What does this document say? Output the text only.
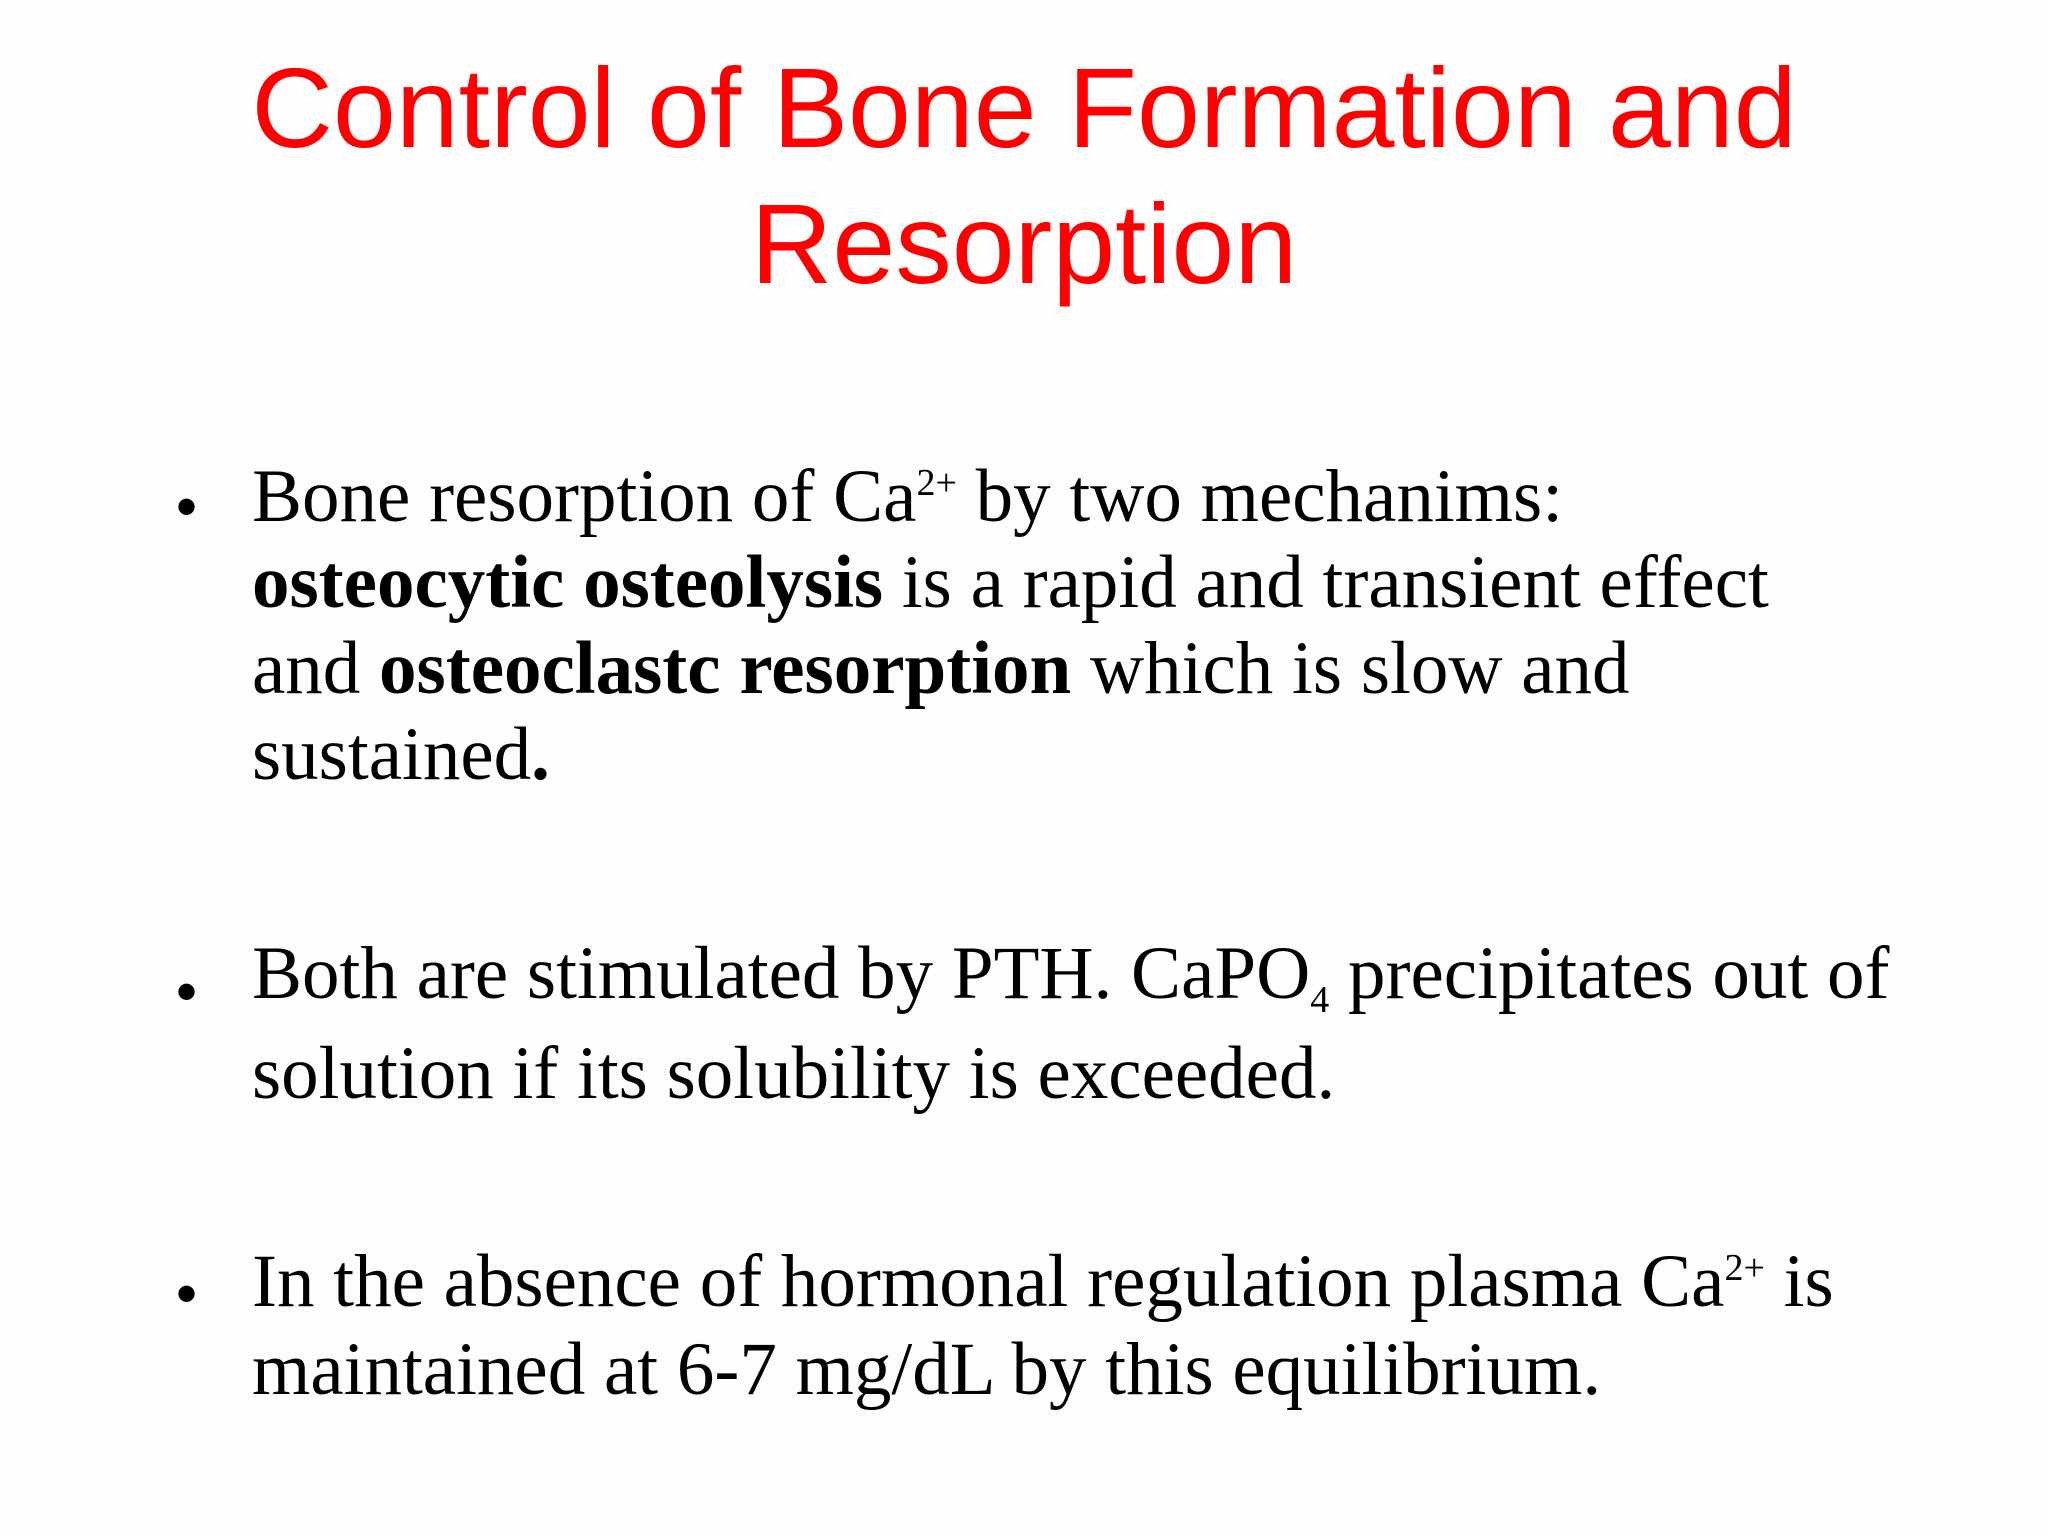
Control of Bone Formation and
Resorption
• Bone resorption of $Ca^{2+}$ by two mechanims: osteocytic osteolysis is a rapid and transient effect and osteoclastc resorption which is slow and sustained.
• Both are stimulated by PTH. CaPO$_4$ precipitates out of solution if its solubility is exceeded.
• In the absence of hormonal regulation plasma $Ca^{2+}$ is maintained at 6-7 mg/dL by this equilibrium.
